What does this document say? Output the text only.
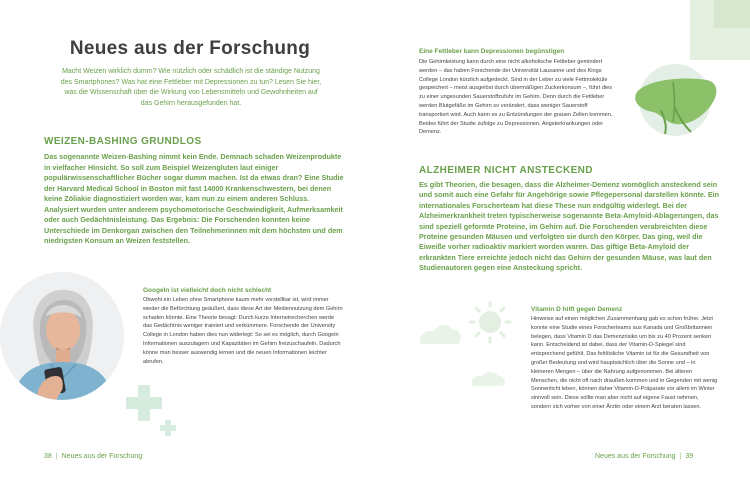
Neues aus der Forschung

Macht Weizen wirklich dumm? Wie nützlich oder schädlich ist die ständige Nutzung des Smartphones? Was hat eine Fettleber mit Depressionen zu tun? Lesen Sie hier, was die Wissenschaft über die Wirkung von Lebensmitteln und Gewohnheiten auf das Gehirn herausgefunden hat.

WEIZEN-BASHING GRUNDLOS

Das sogenannte Weizen-Bashing nimmt kein Ende. Demnach schaden Weizenprodukte in vielfacher Hinsicht. So soll zum Beispiel Weizengluten laut einiger populärwissenschaftlicher Bücher sogar dumm machen. Ist da etwas dran? Eine Studie der Harvard Medical School in Boston mit fast 14000 Krankenschwestern, bei denen keine Zöliakie diagnostiziert worden war, kam nun zu einem anderen Schluss. Analysiert wurden unter anderem psychomotorische Geschwindigkeit, Aufmerksamkeit oder auch Gedächtnisleistung. Das Ergebnis: Die Forschenden konnten keine Unterschiede im Denkorgan zwischen den Teilnehmerinnen mit dem höchsten und dem niedrigsten Konsum an Weizen feststellen.

Googeln ist vielleicht doch nicht schlecht

Obwohl ein Leben ohne Smartphone kaum mehr vorstellbar ist, wird immer wieder die Befürchtung geäußert, dass diese Art der Mediennutzung dem Gehirn schaden könnte. Eine Theorie besagt: Durch kurze Internetrecherchen werde das Gedächtnis weniger trainiert und verkümmere. Forschende der University College in London haben dies nun widerlegt: So sei es möglich, durch Googeln Informationen auszulagern und Kapazitäten im Gehirn freizuschaufeln. Dadurch könne man besser auswendig lernen und die neuen Informationen leichter abrufen.

38 | Neues aus der Forschung
Eine Fettleber kann Depressionen begünstigen

Die Gehirnleistung kann durch eine nicht alkoholische Fettleber gemindert werden – das haben Forschende der Universität Lausanne und des Kings College London kürzlich aufgedeckt. Sind in der Leber zu viele Fettmoleküle gespeichert – meist ausgelöst durch übermäßigen Zuckerkonsum –, führt dies zu einer ungesunden Sauerstoffzufuhr im Gehirn. Denn durch die Fettleber werden Blutgefäße im Gehirn so verändert, dass weniger Sauerstoff transportiert wird. Auch kann es zu Entzündungen der grauen Zellen kommen. Beides führt der Studie zufolge zu Depressionen, Angsterkrankungen oder Demenz.

ALZHEIMER NICHT ANSTECKEND

Es gibt Theorien, die besagen, dass die Alzheimer-Demenz womöglich ansteckend sein und somit auch eine Gefahr für Angehörige sowie Pflegepersonal darstellen könnte. Ein internationales Forscherteam hat diese These nun endgültig widerlegt. Bei der Alzheimerkrankheit treten typischerweise sogenannte Beta-Amyloid-Ablagerungen, das sind speziell geformte Proteine, im Gehirn auf. Die Forschenden verabreichten diese Proteine gesunden Mäusen und verfolgten sie durch den Körper. Das ging, weil die Eiweiße vorher radioaktiv markiert worden waren. Das giftige Beta-Amyloid der erkrankten Tiere erreichte jedoch nicht das Gehirn der gesunden Mäuse, was laut den Studienautoren gegen eine Ansteckung spricht.

Vitamin D hilft gegen Demenz

Hinweise auf einen möglichen Zusammenhang gab es schon früher. Jetzt konnte eine Studie eines Forscherteams aus Kanada und Großbritannien belegen, dass Vitamin D das Demenzrisiko um bis zu 40 Prozent senken kann. Entscheidend ist dabei, dass der Vitamin-D-Spiegel sind entsprechend gefühlt. Das fettlösliche Vitamin ist für die Gesundheit von großer Bedeutung und wird hauptsächlich über die Sonne und – in kleineren Mengen – über die Nahrung aufgenommen. Bei älteren Menschen, die nicht oft nach draußen kommen und in Gegenden mit wenig Sonnenlicht leben, können daher Vitamin-D-Präparate vor allem im Winter sinnvoll sein. Diese sollte man aber nicht auf eigene Faust nehmen, sondern sich vorher von einer Ärztin oder einem Arzt beraten lassen.

Neues aus der Forschung | 39
